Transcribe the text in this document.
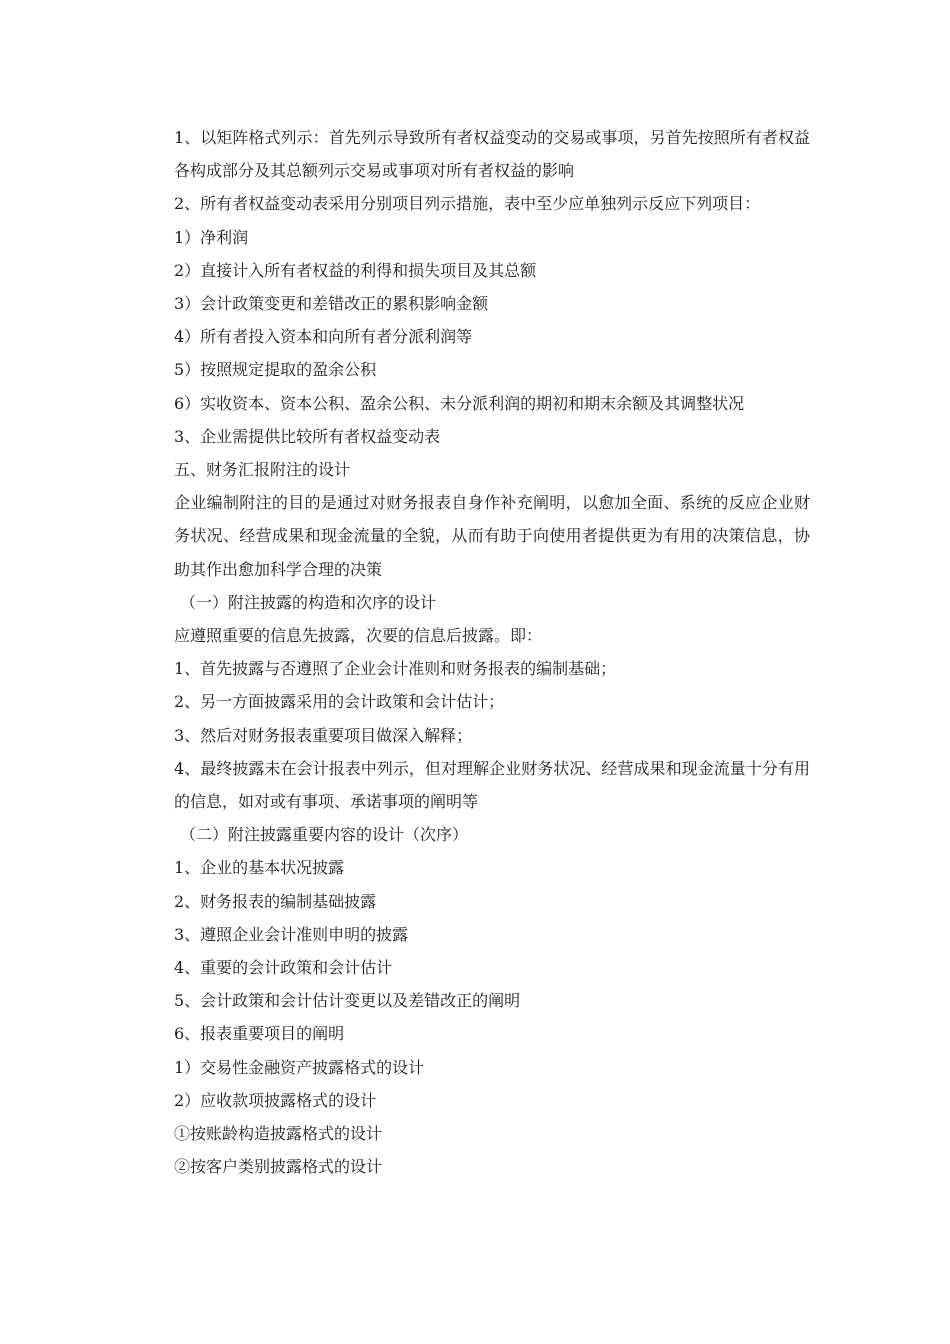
1、以矩阵格式列示：首先列示导致所有者权益变动的交易或事项，另首先按照所有者权益各构成部分及其总额列示交易或事项对所有者权益的影响

2、所有者权益变动表采用分别项目列示措施，表中至少应单独列示反应下列项目：

1）净利润

2）直接计入所有者权益的利得和损失项目及其总额

3）会计政策变更和差错改正的累积影响金额

4）所有者投入资本和向所有者分派利润等

5）按照规定提取的盈余公积

6）实收资本、资本公积、盈余公积、未分派利润的期初和期末余额及其调整状况

3、企业需提供比较所有者权益变动表

五、财务汇报附注的设计

企业编制附注的目的是通过对财务报表自身作补充阐明，以愈加全面、系统的反应企业财务状况、经营成果和现金流量的全貌，从而有助于向使用者提供更为有用的决策信息，协助其作出愈加科学合理的决策

（一）附注披露的构造和次序的设计

应遵照重要的信息先披露，次要的信息后披露。即：

1、首先披露与否遵照了企业会计准则和财务报表的编制基础；

2、另一方面披露采用的会计政策和会计估计；

3、然后对财务报表重要项目做深入解释；

4、最终披露未在会计报表中列示，但对理解企业财务状况、经营成果和现金流量十分有用的信息，如对或有事项、承诺事项的阐明等

（二）附注披露重要内容的设计（次序）

1、企业的基本状况披露

2、财务报表的编制基础披露

3、遵照企业会计准则申明的披露

4、重要的会计政策和会计估计

5、会计政策和会计估计变更以及差错改正的阐明

6、报表重要项目的阐明

1）交易性金融资产披露格式的设计

2）应收款项披露格式的设计

①按账龄构造披露格式的设计

②按客户类别披露格式的设计
